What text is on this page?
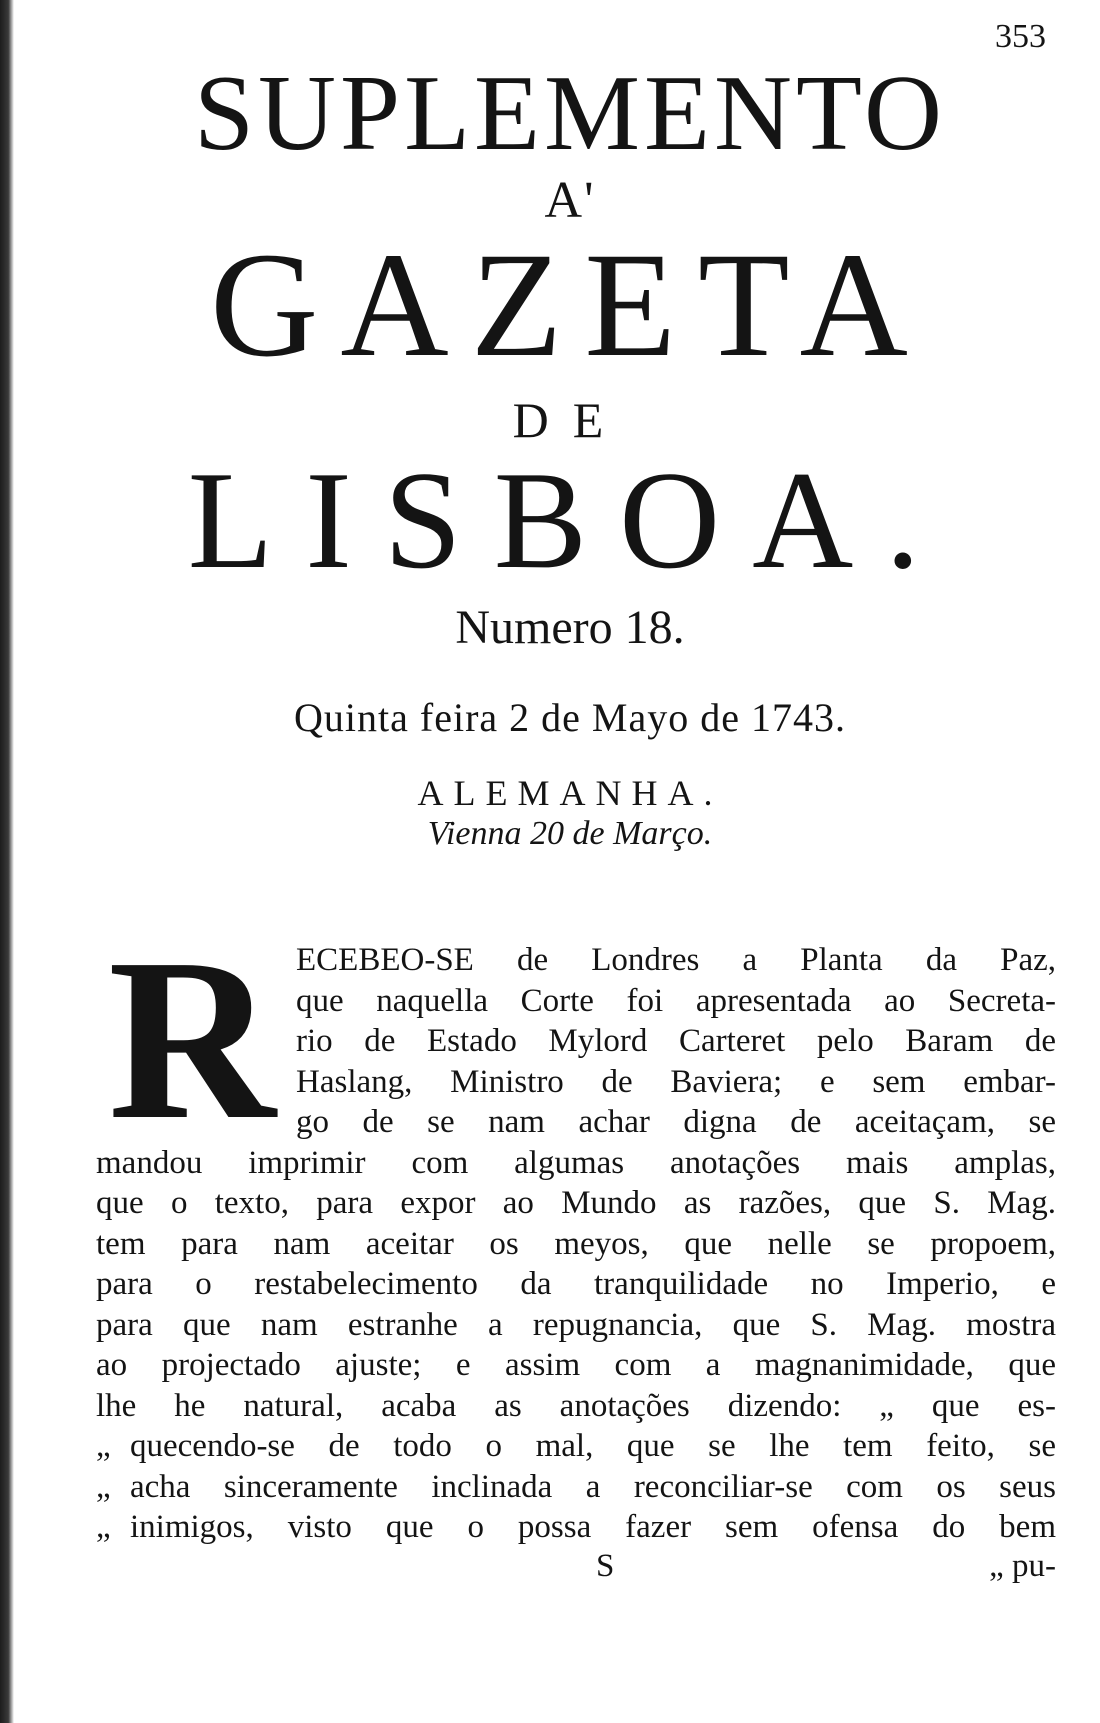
353
SUPLEMENTO
A'
GAZETA
DE
LISBOA.
Numero 18.
Quinta feira 2 de Mayo de 1743.
ALEMANHA.
Vienna 20 de Março.
R ECEBEO-SE de Londres a Planta da Paz,
que naquella Corte foi apresentada ao Secreta-
rio de Estado Mylord Carteret pelo Baram de
Haslang, Ministro de Baviera; e sem embar-
go de se nam achar digna de aceitaçam, se
mandou imprimir com algumas anotações mais amplas,
que o texto, para expor ao Mundo as razões, que S. Mag.
tem para nam aceitar os meyos, que nelle se propoem,
para o restabelecimento da tranquilidade no Imperio, e
para que nam estranhe a repugnancia, que S. Mag. mostra
ao projectado ajuste; e assim com a magnanimidade, que
lhe he natural, acaba as anotações dizendo: „ que es-
„ quecendo-se de todo o mal, que se lhe tem feito, se
„ acha sinceramente inclinada a reconciliar-se com os seus
„ inimigos, visto que o possa fazer sem ofensa do bem
S	„ pu-
